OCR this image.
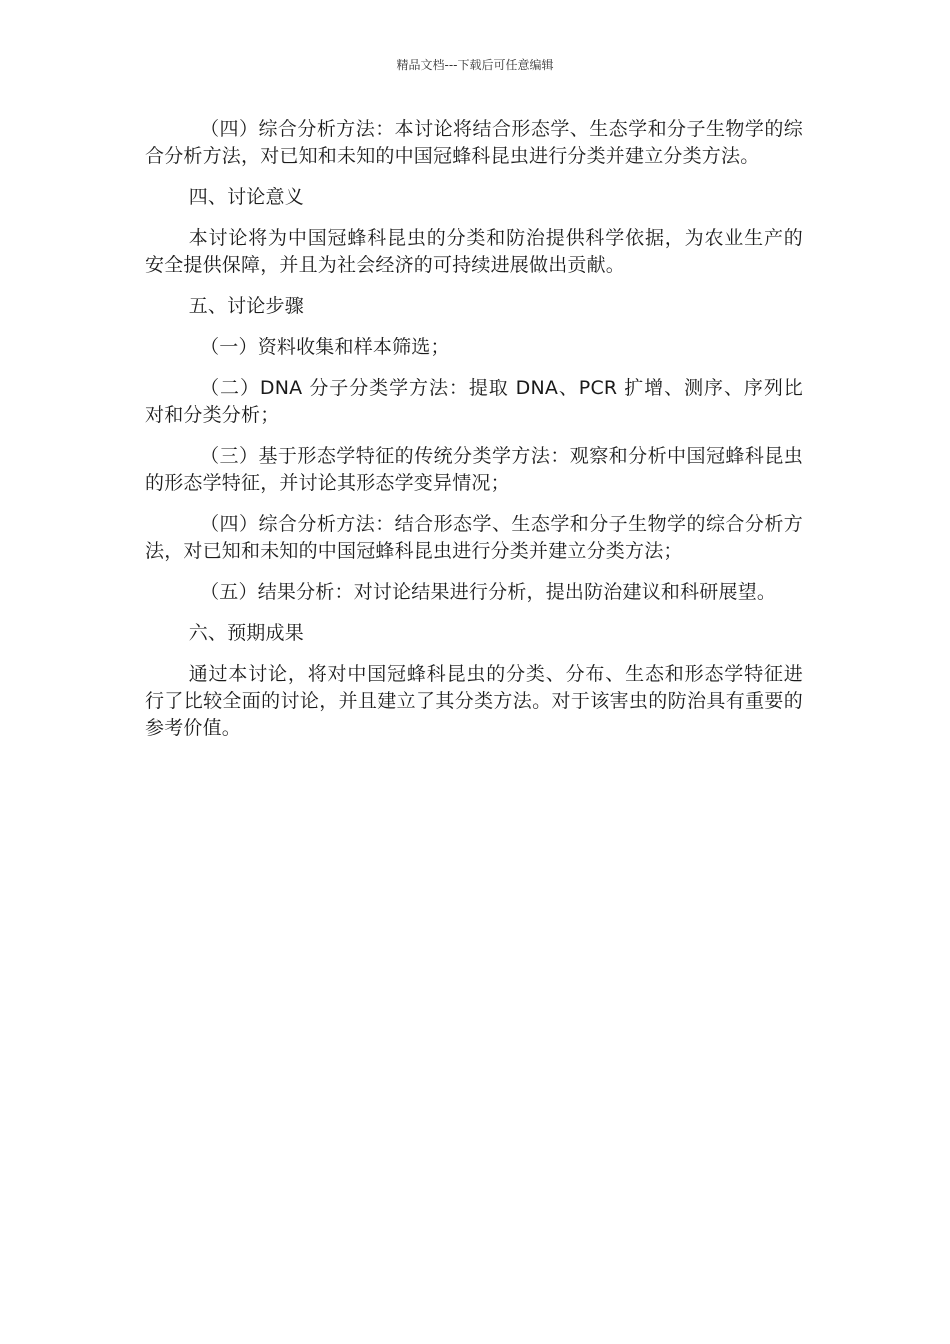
精品文档---下载后可任意编辑

（四）综合分析方法：本讨论将结合形态学、生态学和分子生物学的综合分析方法，对已知和未知的中国冠蜂科昆虫进行分类并建立分类方法。

四、讨论意义

本讨论将为中国冠蜂科昆虫的分类和防治提供科学依据，为农业生产的安全提供保障，并且为社会经济的可持续进展做出贡献。

五、讨论步骤

（一）资料收集和样本筛选；

（二）DNA 分子分类学方法：提取 DNA、PCR 扩增、测序、序列比对和分类分析；

（三）基于形态学特征的传统分类学方法：观察和分析中国冠蜂科昆虫的形态学特征，并讨论其形态学变异情况；

（四）综合分析方法：结合形态学、生态学和分子生物学的综合分析方法，对已知和未知的中国冠蜂科昆虫进行分类并建立分类方法；

（五）结果分析：对讨论结果进行分析，提出防治建议和科研展望。

六、预期成果

通过本讨论，将对中国冠蜂科昆虫的分类、分布、生态和形态学特征进行了比较全面的讨论，并且建立了其分类方法。对于该害虫的防治具有重要的参考价值。
